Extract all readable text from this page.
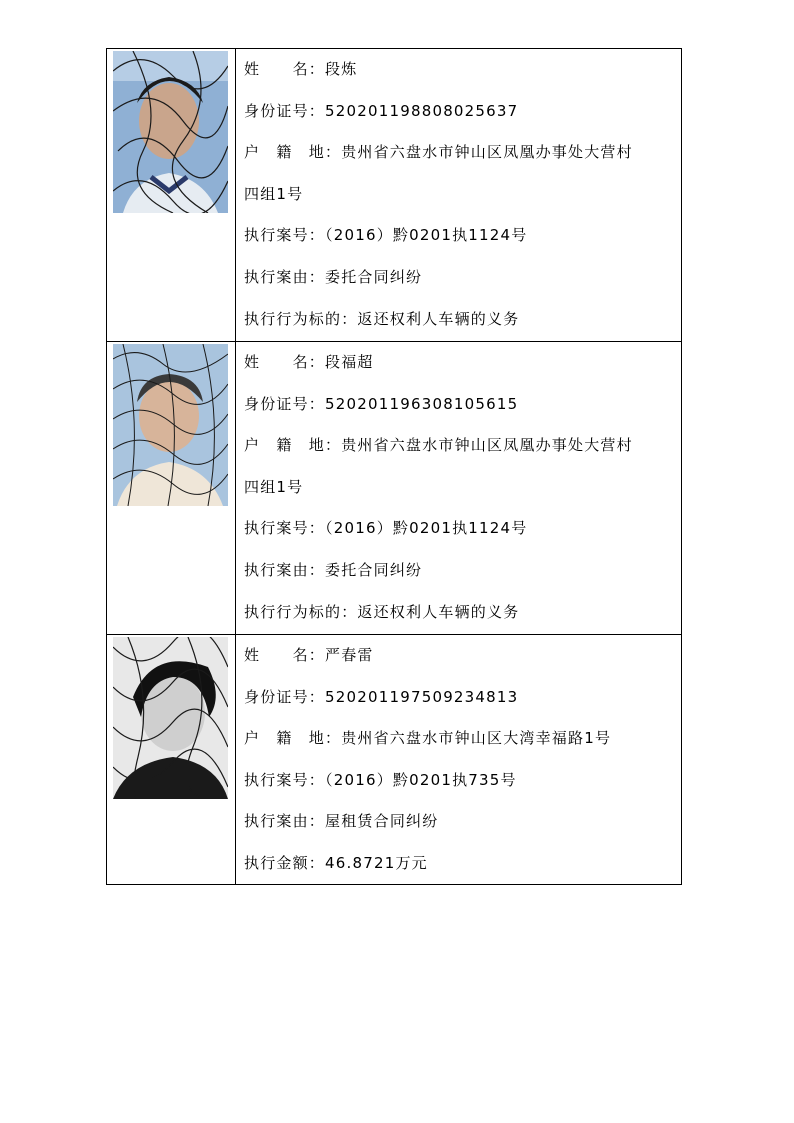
姓　　名：段炼
身份证号：520201198808025637
户　籍　地：贵州省六盘水市钟山区凤凰办事处大营村
四组1号
执行案号：（2016）黔0201执1124号
执行案由：委托合同纠纷
执行行为标的：返还权利人车辆的义务
姓　　名：段福超
身份证号：520201196308105615
户　籍　地：贵州省六盘水市钟山区凤凰办事处大营村
四组1号
执行案号：（2016）黔0201执1124号
执行案由：委托合同纠纷
执行行为标的：返还权利人车辆的义务
姓　　名：严春雷
身份证号：520201197509234813
户　籍　地：贵州省六盘水市钟山区大湾幸福路1号
执行案号：（2016）黔0201执735号
执行案由：屋租赁合同纠纷
执行金额：46.8721万元
